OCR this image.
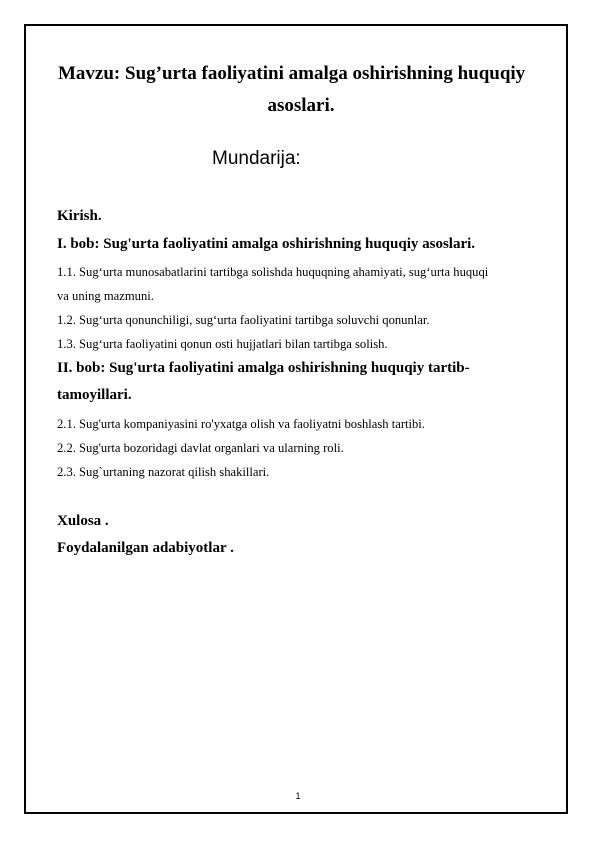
Mavzu: Sug’urta faoliyatini amalga oshirishning huquqiy
asoslari.
Mundarija:
Kirish.
I. bob: Sug'urta faoliyatini amalga oshirishning huquqiy asoslari.
1.1. Sug‘urta munosabatlarini tartibga solishda huquqning ahamiyati, sug‘urta huquqi
va uning mazmuni.
1.2. Sug‘urta qonunchiligi, sug‘urta faoliyatini tartibga soluvchi qonunlar.
1.3. Sug‘urta faoliyatini qonun osti hujjatlari bilan tartibga solish.
II. bob: Sug'urta faoliyatini amalga oshirishning huquqiy tartib-
tamoyillari.
2.1. Sug'urta kompaniyasini ro'yxatga olish va faoliyatni boshlash tartibi.
2.2. Sug'urta bozoridagi davlat organlari va ularning roli.
2.3. Sug`urtaning nazorat qilish shakillari.
Xulosa .
Foydalanilgan adabiyotlar .
1
